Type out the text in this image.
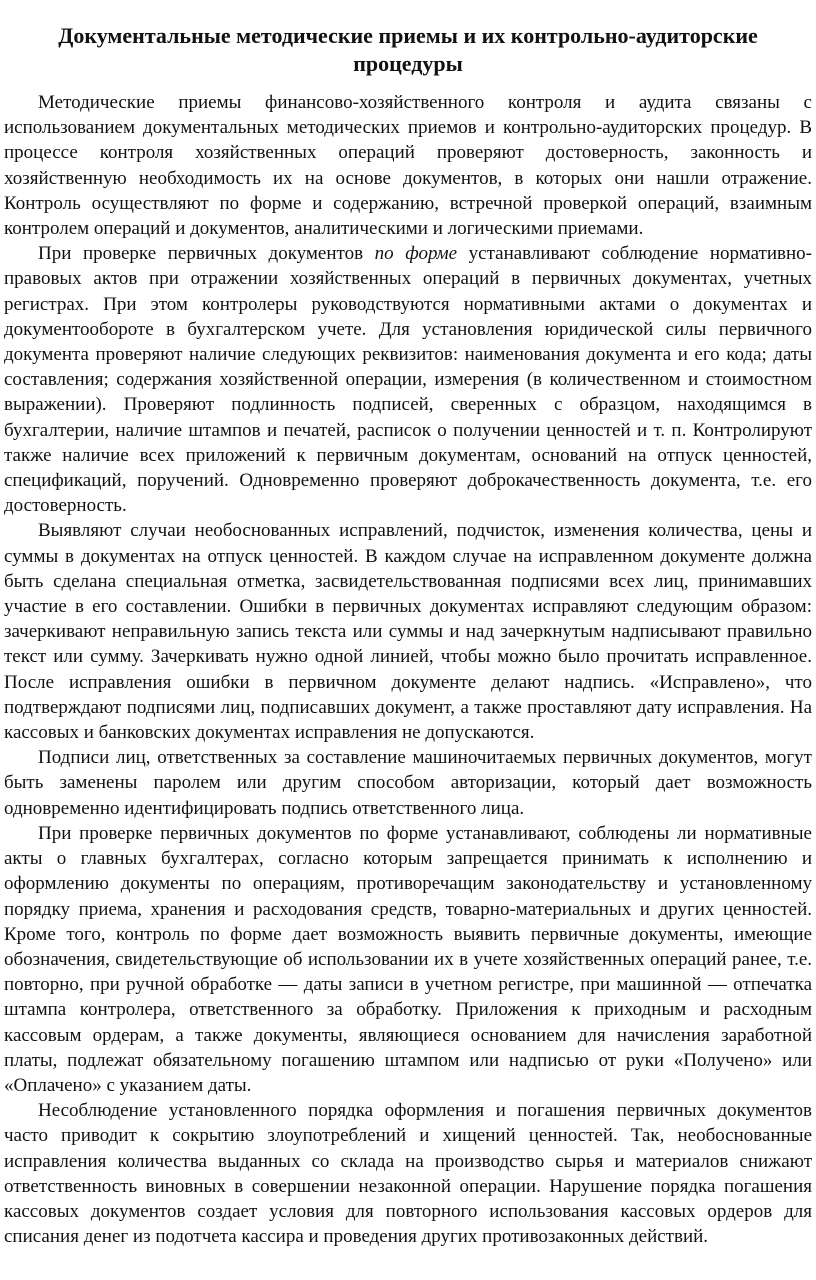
Документальные методические приемы и их контрольно-аудиторские
процедуры

Методические приемы финансово-хозяйственного контроля и аудита связаны с использованием документальных методических приемов и контрольно-аудиторских процедур. В процессе контроля хозяйственных операций проверяют достоверность, законность и хозяйственную необходимость их на основе документов, в которых они нашли отражение. Контроль осуществляют по форме и содержанию, встречной проверкой операций, взаимным контролем операций и документов, аналитическими и логическими приемами.

При проверке первичных документов по форме устанавливают соблюдение нормативно-правовых актов при отражении хозяйственных операций в первичных документах, учетных регистрах. При этом контролеры руководствуются нормативными актами о документах и документообороте в бухгалтерском учете. Для установления юридической силы первичного документа проверяют наличие следующих реквизитов: наименования документа и его кода; даты составления; содержания хозяйственной операции, измерения (в количественном и стоимостном выражении). Проверяют подлинность подписей, сверенных с образцом, находящимся в бухгалтерии, наличие штампов и печатей, расписок о получении ценностей и т. п. Контролируют также наличие всех приложений к первичным документам, оснований на отпуск ценностей, спецификаций, поручений. Одновременно проверяют доброкачественность документа, т.е. его достоверность.

Выявляют случаи необоснованных исправлений, подчисток, изменения количества, цены и суммы в документах на отпуск ценностей. В каждом случае на исправленном документе должна быть сделана специальная отметка, засвидетельствованная подписями всех лиц, принимавших участие в его составлении. Ошибки в первичных документах исправляют следующим образом: зачеркивают неправильную запись текста или суммы и над зачеркнутым надписывают правильно текст или сумму. Зачеркивать нужно одной линией, чтобы можно было прочитать исправленное. После исправления ошибки в первичном документе делают надпись. «Исправлено», что подтверждают подписями лиц, подписавших документ, а также проставляют дату исправления. На кассовых и банковских документах исправления не допускаются.

Подписи лиц, ответственных за составление машиночитаемых первичных документов, могут быть заменены паролем или другим способом авторизации, который дает возможность одновременно идентифицировать подпись ответственного лица.

При проверке первичных документов по форме устанавливают, соблюдены ли нормативные акты о главных бухгалтерах, согласно которым запрещается принимать к исполнению и оформлению документы по операциям, противоречащим законодательству и установленному порядку приема, хранения и расходования средств, товарно-материальных и других ценностей. Кроме того, контроль по форме дает возможность выявить первичные документы, имеющие обозначения, свидетельствующие об использовании их в учете хозяйственных операций ранее, т.е. повторно, при ручной обработке — даты записи в учетном регистре, при машинной — отпечатка штампа контролера, ответственного за обработку. Приложения к приходным и расходным кассовым ордерам, а также документы, являющиеся основанием для начисления заработной платы, подлежат обязательному погашению штампом или надписью от руки «Получено» или «Оплачено» с указанием даты.

Несоблюдение установленного порядка оформления и погашения первичных документов часто приводит к сокрытию злоупотреблений и хищений ценностей. Так, необоснованные исправления количества выданных со склада на производство сырья и материалов снижают ответственность виновных в совершении незаконной операции. Нарушение порядка погашения кассовых документов создает условия для повторного использования кассовых ордеров для списания денег из подотчета кассира и проведения других противозаконных действий.
